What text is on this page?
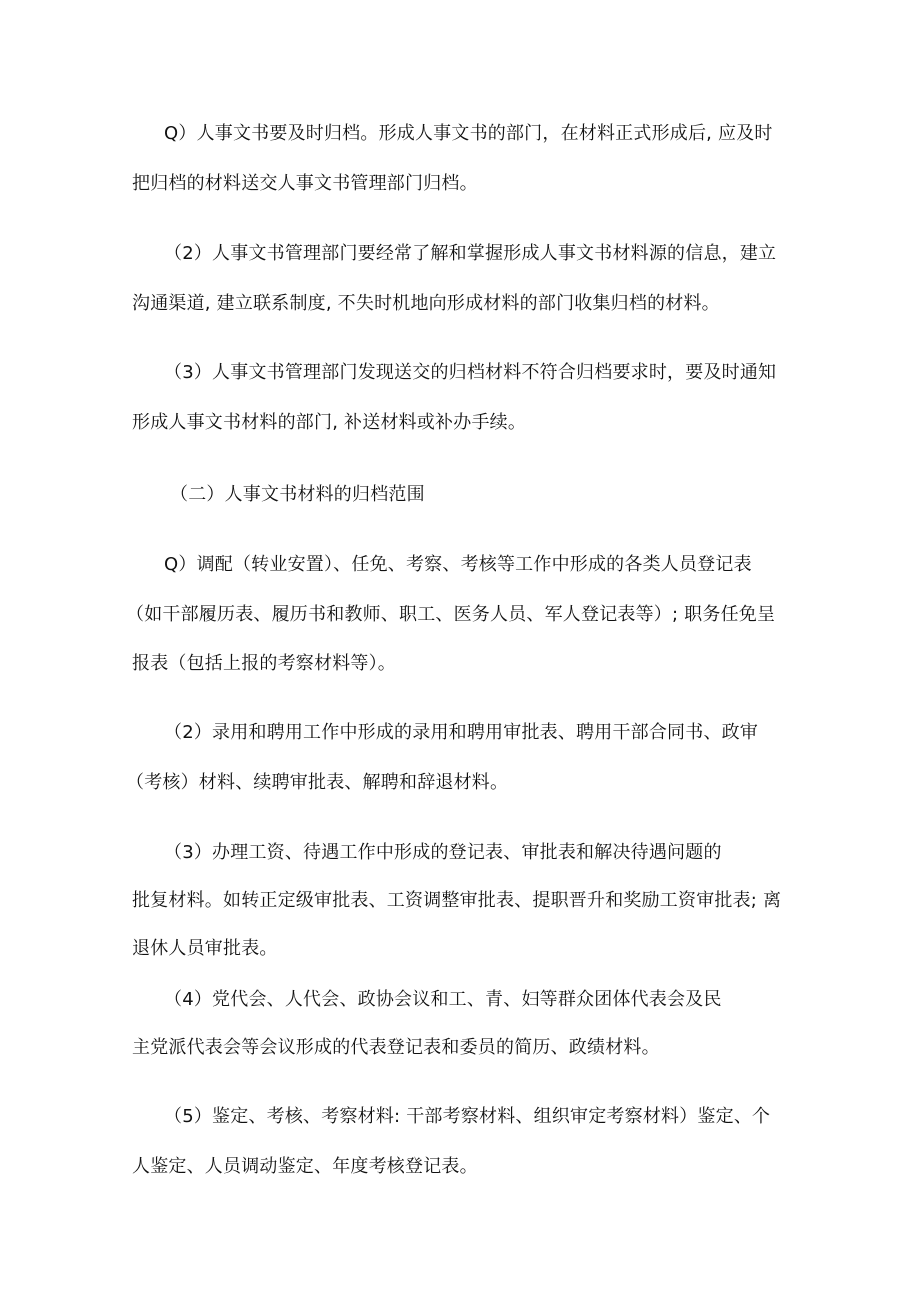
Q）人事文书要及时归档。形成人事文书的部门，在材料正式形成后, 应及时

把归档的材料送交人事文书管理部门归档。

（2）人事文书管理部门要经常了解和掌握形成人事文书材料源的信息，建立

沟通渠道, 建立联系制度, 不失时机地向形成材料的部门收集归档的材料。

（3）人事文书管理部门发现送交的归档材料不符合归档要求时，要及时通知

形成人事文书材料的部门, 补送材料或补办手续。

（二）人事文书材料的归档范围

Q）调配（转业安置）、任免、考察、考核等工作中形成的各类人员登记表

（如干部履历表、履历书和教师、职工、医务人员、军人登记表等）; 职务任免呈

报表（包括上报的考察材料等）。

（2）录用和聘用工作中形成的录用和聘用审批表、聘用干部合同书、政审

（考核）材料、续聘审批表、解聘和辞退材料。

（3）办理工资、待遇工作中形成的登记表、审批表和解决待遇问题的

批复材料。如转正定级审批表、工资调整审批表、提职晋升和奖励工资审批表; 离

退休人员审批表。

（4）党代会、人代会、政协会议和工、青、妇等群众团体代表会及民

主党派代表会等会议形成的代表登记表和委员的简历、政绩材料。

（5）鉴定、考核、考察材料: 干部考察材料、组织审定考察材料）鉴定、个

人鉴定、人员调动鉴定、年度考核登记表。
